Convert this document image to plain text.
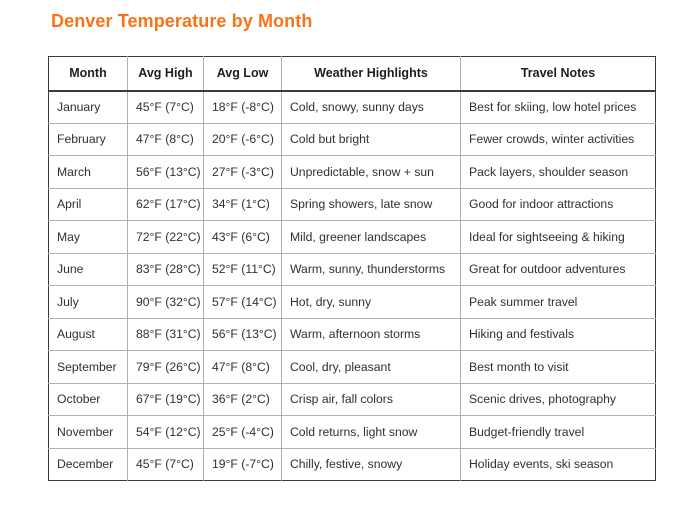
Denver Temperature by Month
Month	Avg High	Avg Low	Weather Highlights	Travel Notes
January	45°F (7°C)	18°F (-8°C)	Cold, snowy, sunny days	Best for skiing, low hotel prices
February	47°F (8°C)	20°F (-6°C)	Cold but bright	Fewer crowds, winter activities
March	56°F (13°C)	27°F (-3°C)	Unpredictable, snow + sun	Pack layers, shoulder season
April	62°F (17°C)	34°F (1°C)	Spring showers, late snow	Good for indoor attractions
May	72°F (22°C)	43°F (6°C)	Mild, greener landscapes	Ideal for sightseeing & hiking
June	83°F (28°C)	52°F (11°C)	Warm, sunny, thunderstorms	Great for outdoor adventures
July	90°F (32°C)	57°F (14°C)	Hot, dry, sunny	Peak summer travel
August	88°F (31°C)	56°F (13°C)	Warm, afternoon storms	Hiking and festivals
September	79°F (26°C)	47°F (8°C)	Cool, dry, pleasant	Best month to visit
October	67°F (19°C)	36°F (2°C)	Crisp air, fall colors	Scenic drives, photography
November	54°F (12°C)	25°F (-4°C)	Cold returns, light snow	Budget-friendly travel
December	45°F (7°C)	19°F (-7°C)	Chilly, festive, snowy	Holiday events, ski season
